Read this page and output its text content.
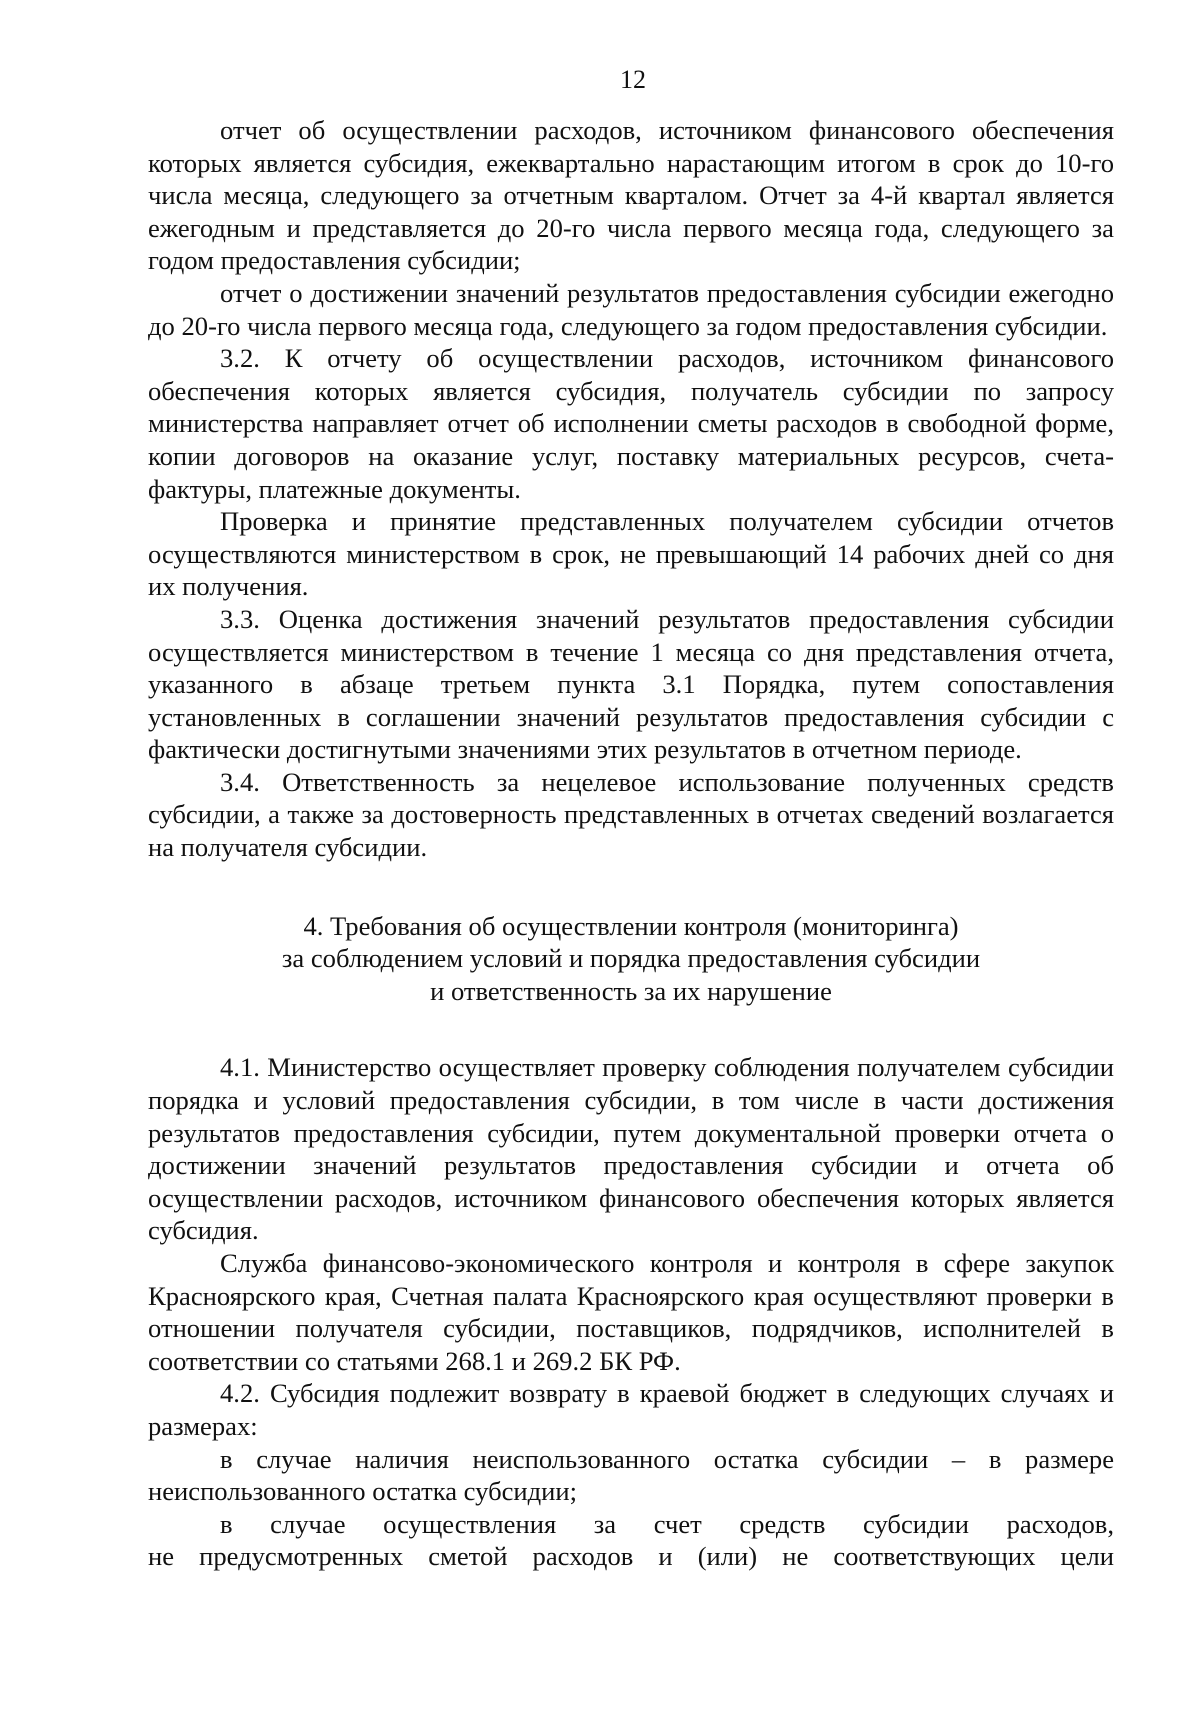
12

отчет об осуществлении расходов, источником финансового обеспечения которых является субсидия, ежеквартально нарастающим итогом в срок до 10-го числа месяца, следующего за отчетным кварталом. Отчет за 4-й квартал является ежегодным и представляется до 20-го числа первого месяца года, следующего за годом предоставления субсидии;

отчет о достижении значений результатов предоставления субсидии ежегодно до 20-го числа первого месяца года, следующего за годом предоставления субсидии.

3.2. К отчету об осуществлении расходов, источником финансового обеспечения которых является субсидия, получатель субсидии по запросу министерства направляет отчет об исполнении сметы расходов в свободной форме, копии договоров на оказание услуг, поставку материальных ресурсов, счета-фактуры, платежные документы.

Проверка и принятие представленных получателем субсидии отчетов осуществляются министерством в срок, не превышающий 14 рабочих дней со дня их получения.

3.3. Оценка достижения значений результатов предоставления субсидии осуществляется министерством в течение 1 месяца со дня представления отчета, указанного в абзаце третьем пункта 3.1 Порядка, путем сопоставления установленных в соглашении значений результатов предоставления субсидии с фактически достигнутыми значениями этих результатов в отчетном периоде.

3.4. Ответственность за нецелевое использование полученных средств субсидии, а также за достоверность представленных в отчетах сведений возлагается на получателя субсидии.

4. Требования об осуществлении контроля (мониторинга)
за соблюдением условий и порядка предоставления субсидии
и ответственность за их нарушение

4.1. Министерство осуществляет проверку соблюдения получателем субсидии порядка и условий предоставления субсидии, в том числе в части достижения результатов предоставления субсидии, путем документальной проверки отчета о достижении значений результатов предоставления субсидии и отчета об осуществлении расходов, источником финансового обеспечения которых является субсидия.

Служба финансово-экономического контроля и контроля в сфере закупок Красноярского края, Счетная палата Красноярского края осуществляют проверки в отношении получателя субсидии, поставщиков, подрядчиков, исполнителей в соответствии со статьями 268.1 и 269.2 БК РФ.

4.2. Субсидия подлежит возврату в краевой бюджет в следующих случаях и размерах:

в случае наличия неиспользованного остатка субсидии – в размере неиспользованного остатка субсидии;

в случае осуществления за счет средств субсидии расходов,
не предусмотренных сметой расходов и (или) не соответствующих цели
